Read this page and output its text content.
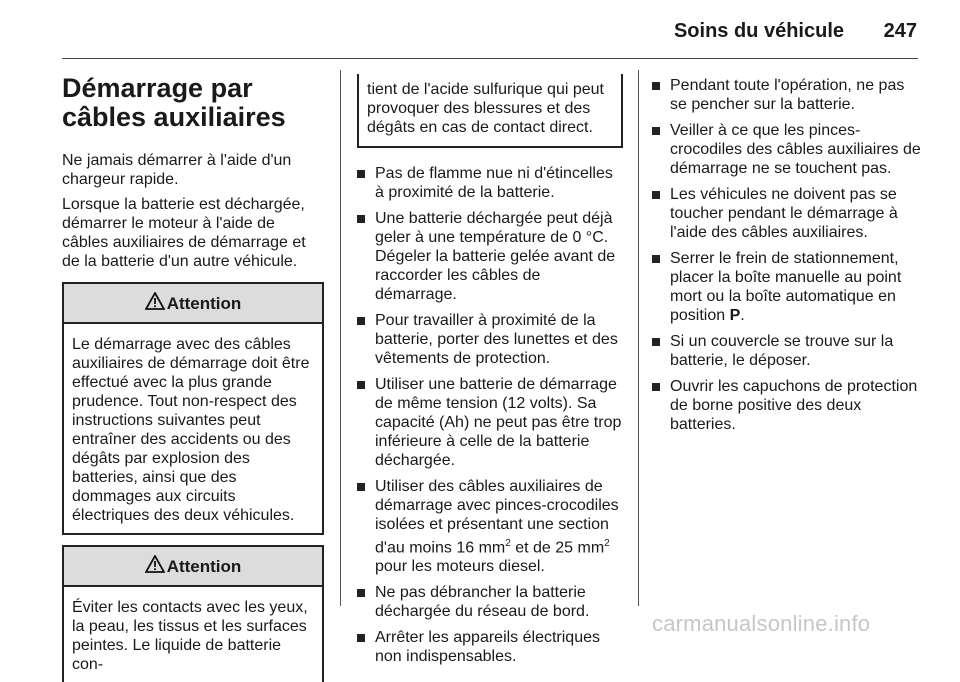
Soins du véhicule 247
Démarrage par câbles auxiliaires

Ne jamais démarrer à l'aide d'un chargeur rapide.

Lorsque la batterie est déchargée, démarrer le moteur à l'aide de câbles auxiliaires de démarrage et de la batterie d'un autre véhicule.

Attention
Le démarrage avec des câbles auxiliaires de démarrage doit être effectué avec la plus grande prudence. Tout non-respect des instructions suivantes peut entraîner des accidents ou des dégâts par explosion des batteries, ainsi que des dommages aux circuits électriques des deux véhicules.
Attention
Éviter les contacts avec les yeux, la peau, les tissus et les surfaces peintes. Le liquide de batterie con-
tient de l'acide sulfurique qui peut provoquer des blessures et des dégâts en cas de contact direct.
Pas de flamme nue ni d'étincelles à proximité de la batterie.
Une batterie déchargée peut déjà geler à une température de 0 °C. Dégeler la batterie gelée avant de raccorder les câbles de démarrage.
Pour travailler à proximité de la batterie, porter des lunettes et des vêtements de protection.
Utiliser une batterie de démarrage de même tension (12 volts). Sa capacité (Ah) ne peut pas être trop inférieure à celle de la batterie déchargée.
Utiliser des câbles auxiliaires de démarrage avec pinces-crocodiles isolées et présentant une section d'au moins 16 $mm^2$ et de 25 $mm^2$ pour les moteurs diesel.
Ne pas débrancher la batterie déchargée du réseau de bord.
Arrêter les appareils électriques non indispensables.
Pendant toute l'opération, ne pas se pencher sur la batterie.
Veiller à ce que les pinces-crocodiles des câbles auxiliaires de démarrage ne se touchent pas.
Les véhicules ne doivent pas se toucher pendant le démarrage à l'aide des câbles auxiliaires.
Serrer le frein de stationnement, placer la boîte manuelle au point mort ou la boîte automatique en position P.
Si un couvercle se trouve sur la batterie, le déposer.
Ouvrir les capuchons de protection de borne positive des deux batteries.
carmanualsonline.info
